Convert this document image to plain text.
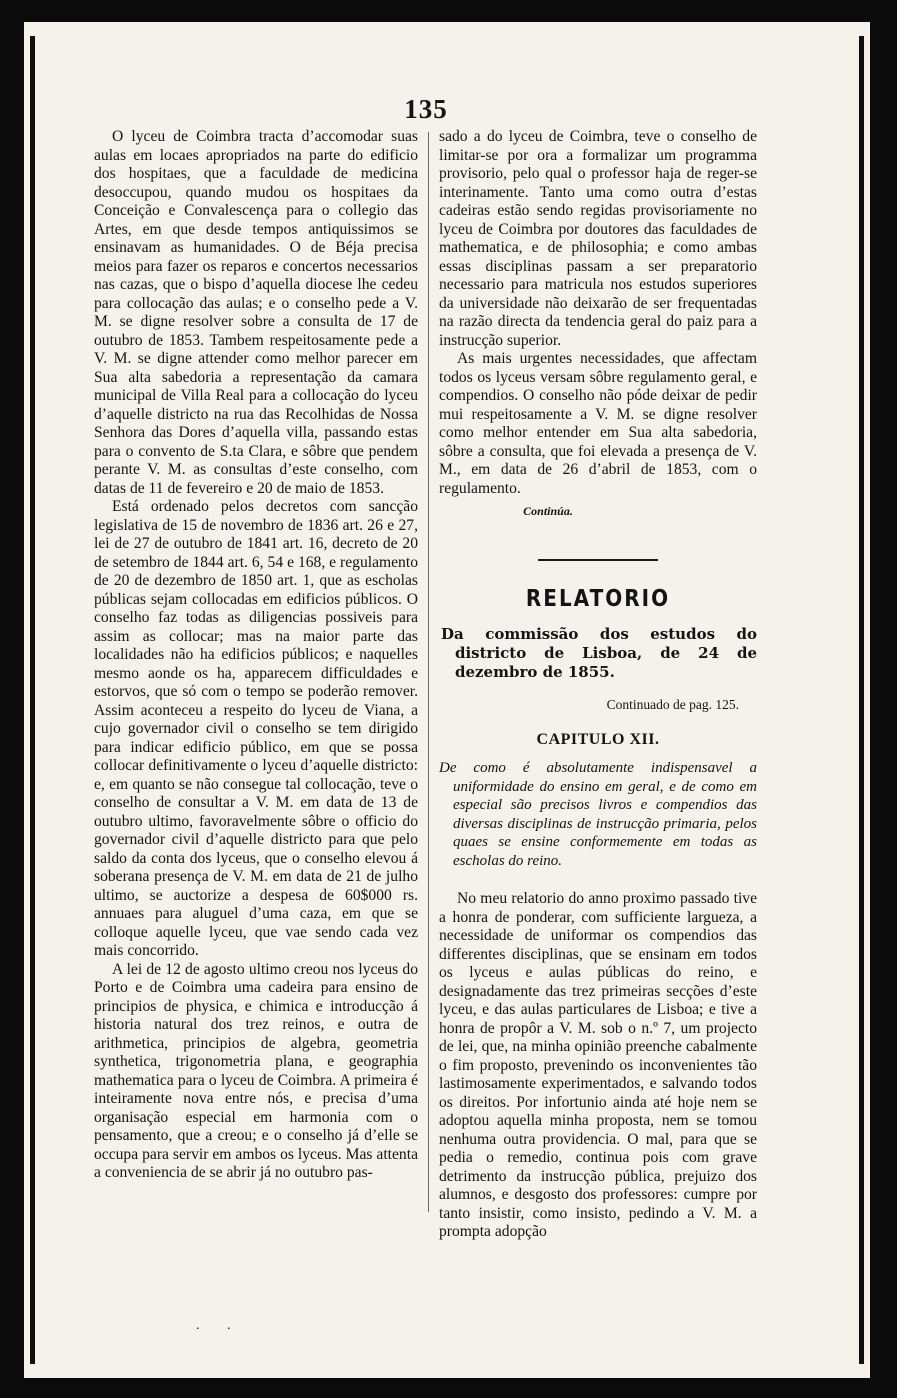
135

O lyceu de Coimbra tracta d’accomodar suas aulas em locaes apropriados na parte do edificio dos hospitaes, que a faculdade de medicina desoccupou, quando mudou os hospitaes da Conceição e Convalescença para o collegio das Artes, em que desde tempos antiquissimos se ensinavam as humanidades. O de Béja precisa meios para fazer os reparos e concertos necessarios nas cazas, que o bispo d’aquella diocese lhe cedeu para collocação das aulas; e o conselho pede a V. M. se digne resolver sobre a consulta de 17 de outubro de 1853. Tambem respeitosamente pede a V. M. se digne attender como melhor parecer em Sua alta sabedoria a representação da camara municipal de Villa Real para a collocação do lyceu d’aquelle districto na rua das Recolhidas de Nossa Senhora das Dores d’aquella villa, passando estas para o convento de S.ta Clara, e sôbre que pendem perante V. M. as consultas d’este conselho, com datas de 11 de fevereiro e 20 de maio de 1853.

Está ordenado pelos decretos com sancção legislativa de 15 de novembro de 1836 art. 26 e 27, lei de 27 de outubro de 1841 art. 16, decreto de 20 de setembro de 1844 art. 6, 54 e 168, e regulamento de 20 de dezembro de 1850 art. 1, que as escholas públicas sejam collocadas em edificios públicos. O conselho faz todas as diligencias possiveis para assim as collocar; mas na maior parte das localidades não ha edificios públicos; e naquelles mesmo aonde os ha, apparecem difficuldades e estorvos, que só com o tempo se poderão remover. Assim aconteceu a respeito do lyceu de Viana, a cujo governador civil o conselho se tem dirigido para indicar edificio público, em que se possa collocar definitivamente o lyceu d’aquelle districto: e, em quanto se não consegue tal collocação, teve o conselho de consultar a V. M. em data de 13 de outubro ultimo, favoravelmente sôbre o officio do governador civil d’aquelle districto para que pelo saldo da conta dos lyceus, que o conselho elevou á soberana presença de V. M. em data de 21 de julho ultimo, se auctorize a despesa de 60$000 rs. annuaes para aluguel d’uma caza, em que se colloque aquelle lyceu, que vae sendo cada vez mais concorrido.

A lei de 12 de agosto ultimo creou nos lyceus do Porto e de Coimbra uma cadeira para ensino de principios de physica, e chimica e introducção á historia natural dos trez reinos, e outra de arithmetica, principios de algebra, geometria synthetica, trigonometria plana, e geographia mathematica para o lyceu de Coimbra. A primeira é inteiramente nova entre nós, e precisa d’uma organisação especial em harmonia com o pensamento, que a creou; e o conselho já d’elle se occupa para servir em ambos os lyceus. Mas attenta a conveniencia de se abrir já no outubro pas-

sado a do lyceu de Coimbra, teve o conselho de limitar-se por ora a formalizar um programma provisorio, pelo qual o professor haja de reger-se interinamente. Tanto uma como outra d’estas cadeiras estão sendo regidas provisoriamente no lyceu de Coimbra por doutores das faculdades de mathematica, e de philosophia; e como ambas essas disciplinas passam a ser preparatorio necessario para matricula nos estudos superiores da universidade não deixarão de ser frequentadas na razão directa da tendencia geral do paiz para a instrucção superior.

As mais urgentes necessidades, que affectam todos os lyceus versam sôbre regulamento geral, e compendios. O conselho não póde deixar de pedir mui respeitosamente a V. M. se digne resolver como melhor entender em Sua alta sabedoria, sôbre a consulta, que foi elevada a presença de V. M., em data de 26 d’abril de 1853, com o regulamento.

Continúa.
RELATORIO
Da commissão dos estudos do districto de Lisboa, de 24 de dezembro de 1855.
Continuado de pag. 125.
CAPITULO XII.
De como é absolutamente indispensavel a uniformidade do ensino em geral, e de como em especial são precisos livros e compendios das diversas disciplinas de instrucção primaria, pelos quaes se ensine conformemente em todas as escholas do reino.

No meu relatorio do anno proximo passado tive a honra de ponderar, com sufficiente largueza, a necessidade de uniformar os compendios das differentes disciplinas, que se ensinam em todos os lyceus e aulas públicas do reino, e designadamente das trez primeiras secções d’este lyceu, e das aulas particulares de Lisboa; e tive a honra de propôr a V. M. sob o n.º 7, um projecto de lei, que, na minha opinião preenche cabalmente o fim proposto, prevenindo os inconvenientes tão lastimosamente experimentados, e salvando todos os direitos. Por infortunio ainda até hoje nem se adoptou aquella minha proposta, nem se tomou nenhuma outra providencia. O mal, para que se pedia o remedio, continua pois com grave detrimento da instrucção pública, prejuizo dos alumnos, e desgosto dos professores: cumpre por tanto insistir, como insisto, pedindo a V. M. a prompta adopção

. .
